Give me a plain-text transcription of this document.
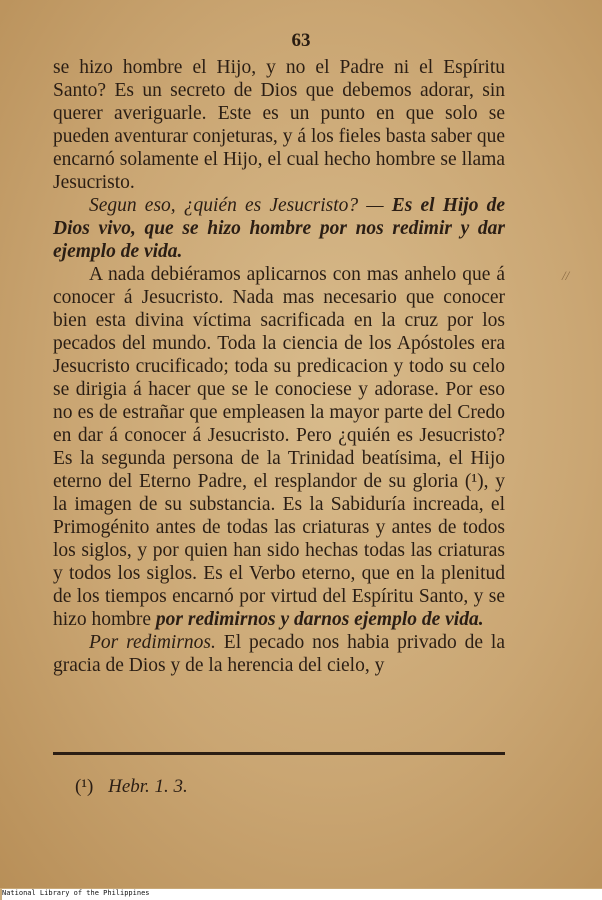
63

se hizo hombre el Hijo, y no el Padre ni el Espíritu Santo? Es un secreto de Dios que debemos adorar, sin querer averiguarle. Este es un punto en que solo se pueden aventurar conjeturas, y á los fieles basta saber que encarnó solamente el Hijo, el cual hecho hombre se llama Jesucristo.

Segun eso, ¿quién es Jesucristo? — Es el Hijo de Dios vivo, que se hizo hombre por nos redimir y dar ejemplo de vida.

A nada debiéramos aplicarnos con mas anhelo que á conocer á Jesucristo. Nada mas necesario que conocer bien esta divina víctima sacrificada en la cruz por los pecados del mundo. Toda la ciencia de los Apóstoles era Jesucristo crucificado; toda su predicacion y todo su celo se dirigia á hacer que se le conociese y adorase. Por eso no es de estrañar que empleasen la mayor parte del Credo en dar á conocer á Jesucristo. Pero ¿quién es Jesucristo? Es la segunda persona de la Trinidad beatísima, el Hijo eterno del Eterno Padre, el resplandor de su gloria (¹), y la imagen de su substancia. Es la Sabiduría increada, el Primogénito antes de todas las criaturas y antes de todos los siglos, y por quien han sido hechas todas las criaturas y todos los siglos. Es el Verbo eterno, que en la plenitud de los tiempos encarnó por virtud del Espíritu Santo, y se hizo hombre por redimirnos y darnos ejemplo de vida.

Por redimirnos. El pecado nos habia privado de la gracia de Dios y de la herencia del cielo, y

//
(¹) Hebr. 1. 3.
National Library of the Philippines
